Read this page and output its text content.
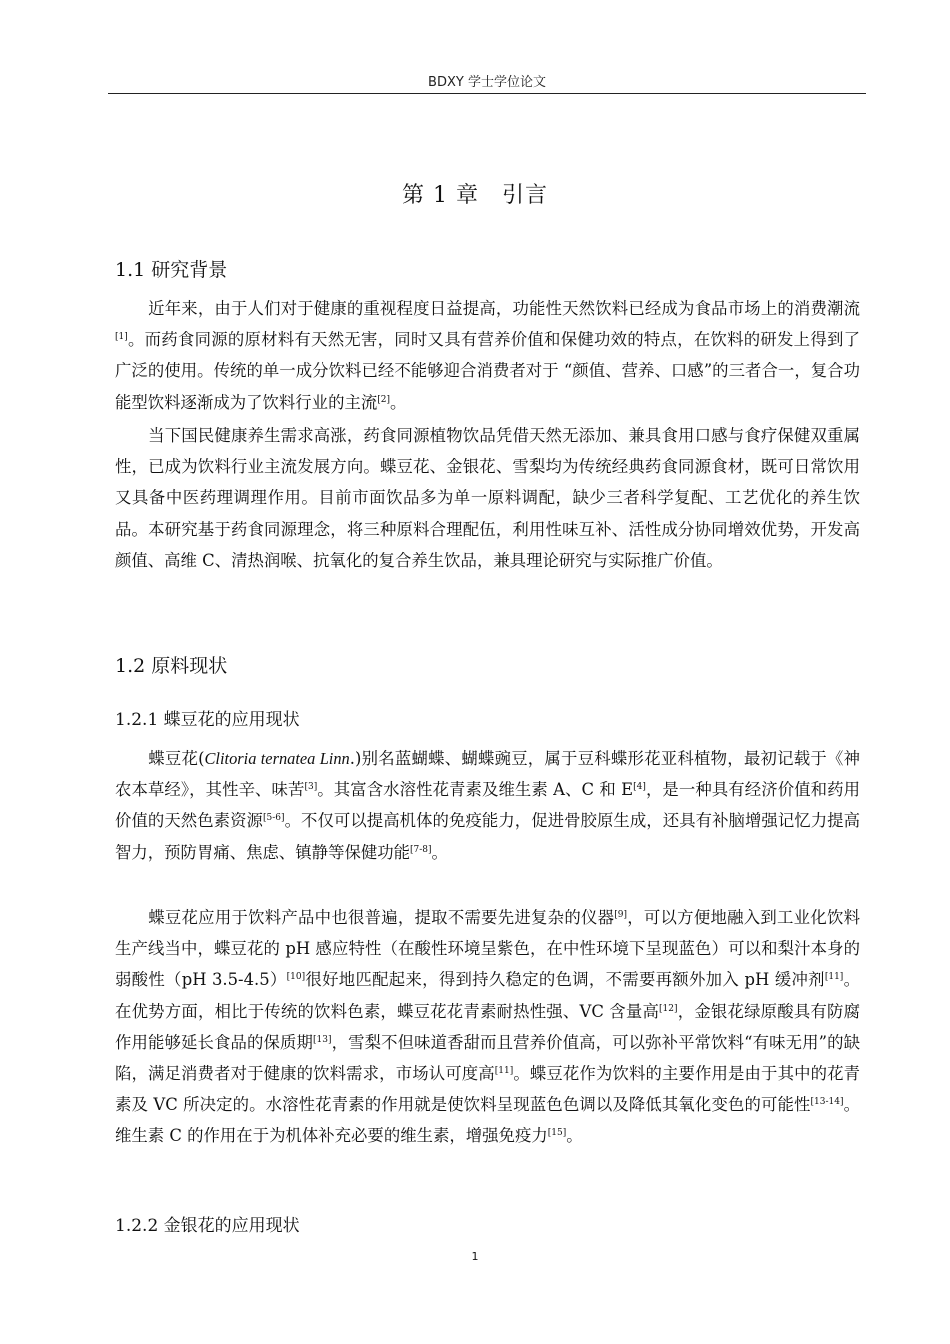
BDXY 学士学位论文
第 1 章　引言
1.1 研究背景

近年来，由于人们对于健康的重视程度日益提高，功能性天然饮料已经成为食品市场上的消费潮流[1]。而药食同源的原材料有天然无害，同时又具有营养价值和保健功效的特点，在饮料的研发上得到了广泛的使用。传统的单一成分饮料已经不能够迎合消费者对于 “颜值、营养、口感”的三者合一，复合功能型饮料逐渐成为了饮料行业的主流[2]。

当下国民健康养生需求高涨，药食同源植物饮品凭借天然无添加、兼具食用口感与食疗保健双重属性，已成为饮料行业主流发展方向。蝶豆花、金银花、雪梨均为传统经典药食同源食材，既可日常饮用又具备中医药理调理作用。目前市面饮品多为单一原料调配，缺少三者科学复配、工艺优化的养生饮品。本研究基于药食同源理念，将三种原料合理配伍，利用性味互补、活性成分协同增效优势，开发高颜值、高维 C、清热润喉、抗氧化的复合养生饮品，兼具理论研究与实际推广价值。

1.2 原料现状
1.2.1 蝶豆花的应用现状

蝶豆花(Clitoria ternatea Linn.)别名蓝蝴蝶、蝴蝶豌豆，属于豆科蝶形花亚科植物，最初记载于《神农本草经》，其性辛、味苦[3]。其富含水溶性花青素及维生素 A、C 和 E[4]，是一种具有经济价值和药用价值的天然色素资源[5-6]。不仅可以提高机体的免疫能力，促进骨胶原生成，还具有补脑增强记忆力提高智力，预防胃痛、焦虑、镇静等保健功能[7-8]。

蝶豆花应用于饮料产品中也很普遍，提取不需要先进复杂的仪器[9]，可以方便地融入到工业化饮料生产线当中，蝶豆花的 pH 感应特性（在酸性环境呈紫色，在中性环境下呈现蓝色）可以和梨汁本身的弱酸性（pH 3.5-4.5）[10]很好地匹配起来，得到持久稳定的色调，不需要再额外加入 pH 缓冲剂[11]。在优势方面，相比于传统的饮料色素，蝶豆花花青素耐热性强、VC 含量高[12]，金银花绿原酸具有防腐作用能够延长食品的保质期[13]，雪梨不但味道香甜而且营养价值高，可以弥补平常饮料“有味无用”的缺陷，满足消费者对于健康的饮料需求，市场认可度高[11]。蝶豆花作为饮料的主要作用是由于其中的花青素及 VC 所决定的。水溶性花青素的作用就是使饮料呈现蓝色色调以及降低其氧化变色的可能性[13-14]。维生素 C 的作用在于为机体补充必要的维生素，增强免疫力[15]。

1.2.2 金银花的应用现状
1
